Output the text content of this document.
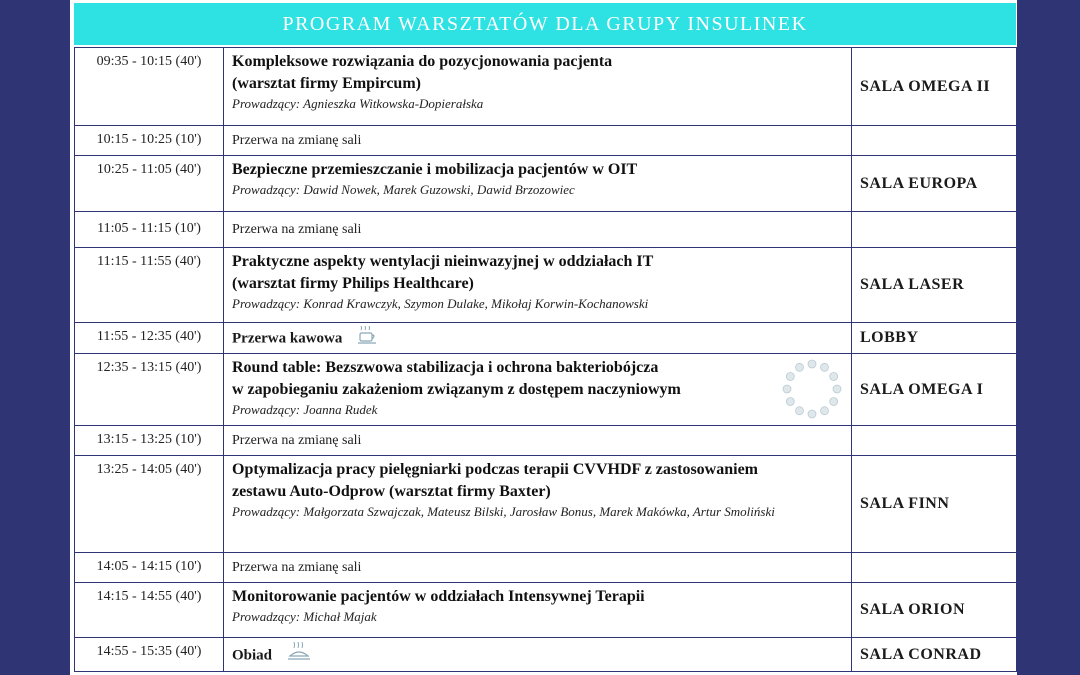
PROGRAM WARSZTATÓW DLA GRUPY INSULINEK
09:35 - 10:15 (40')	Kompleksowe rozwiązania do pozycjonowania pacjenta
(warsztat firmy Empircum)
Prowadzący: Agnieszka Witkowska-Dopierałska	SALA OMEGA II
10:15 - 10:25 (10')	Przerwa na zmianę sali	

10:25 - 11:05 (40')	Bezpieczne przemieszczanie i mobilizacja pacjentów w OIT
Prowadzący: Dawid Nowek, Marek Guzowski, Dawid Brzozowiec	SALA EUROPA
11:05 - 11:15 (10')	Przerwa na zmianę sali	

11:15 - 11:55 (40')	Praktyczne aspekty wentylacji nieinwazyjnej w oddziałach IT
(warsztat firmy Philips Healthcare)
Prowadzący: Konrad Krawczyk, Szymon Dulake, Mikołaj Korwin-Kochanowski	SALA LASER
11:55 - 12:35 (40')	Przerwa kawowa	LOBBY
12:35 - 13:15 (40')	Round table: Bezszwowa stabilizacja i ochrona bakteriobójcza
w zapobieganiu zakażeniom związanym z dostępem naczyniowym
Prowadzący: Joanna Rudek	SALA OMEGA I
13:15 - 13:25 (10')	Przerwa na zmianę sali	

13:25 - 14:05 (40')	Optymalizacja pracy pielęgniarki podczas terapii CVVHDF z zastosowaniem
zestawu Auto-Odprow (warsztat firmy Baxter)
Prowadzący: Małgorzata Szwajczak, Mateusz Bilski, Jarosław Bonus, Marek Makówka, Artur Smoliński	SALA FINN
14:05 - 14:15 (10')	Przerwa na zmianę sali	

14:15 - 14:55 (40')	Monitorowanie pacjentów w oddziałach Intensywnej Terapii
Prowadzący: Michał Majak	SALA ORION
14:55 - 15:35 (40')	Obiad	SALA CONRAD
